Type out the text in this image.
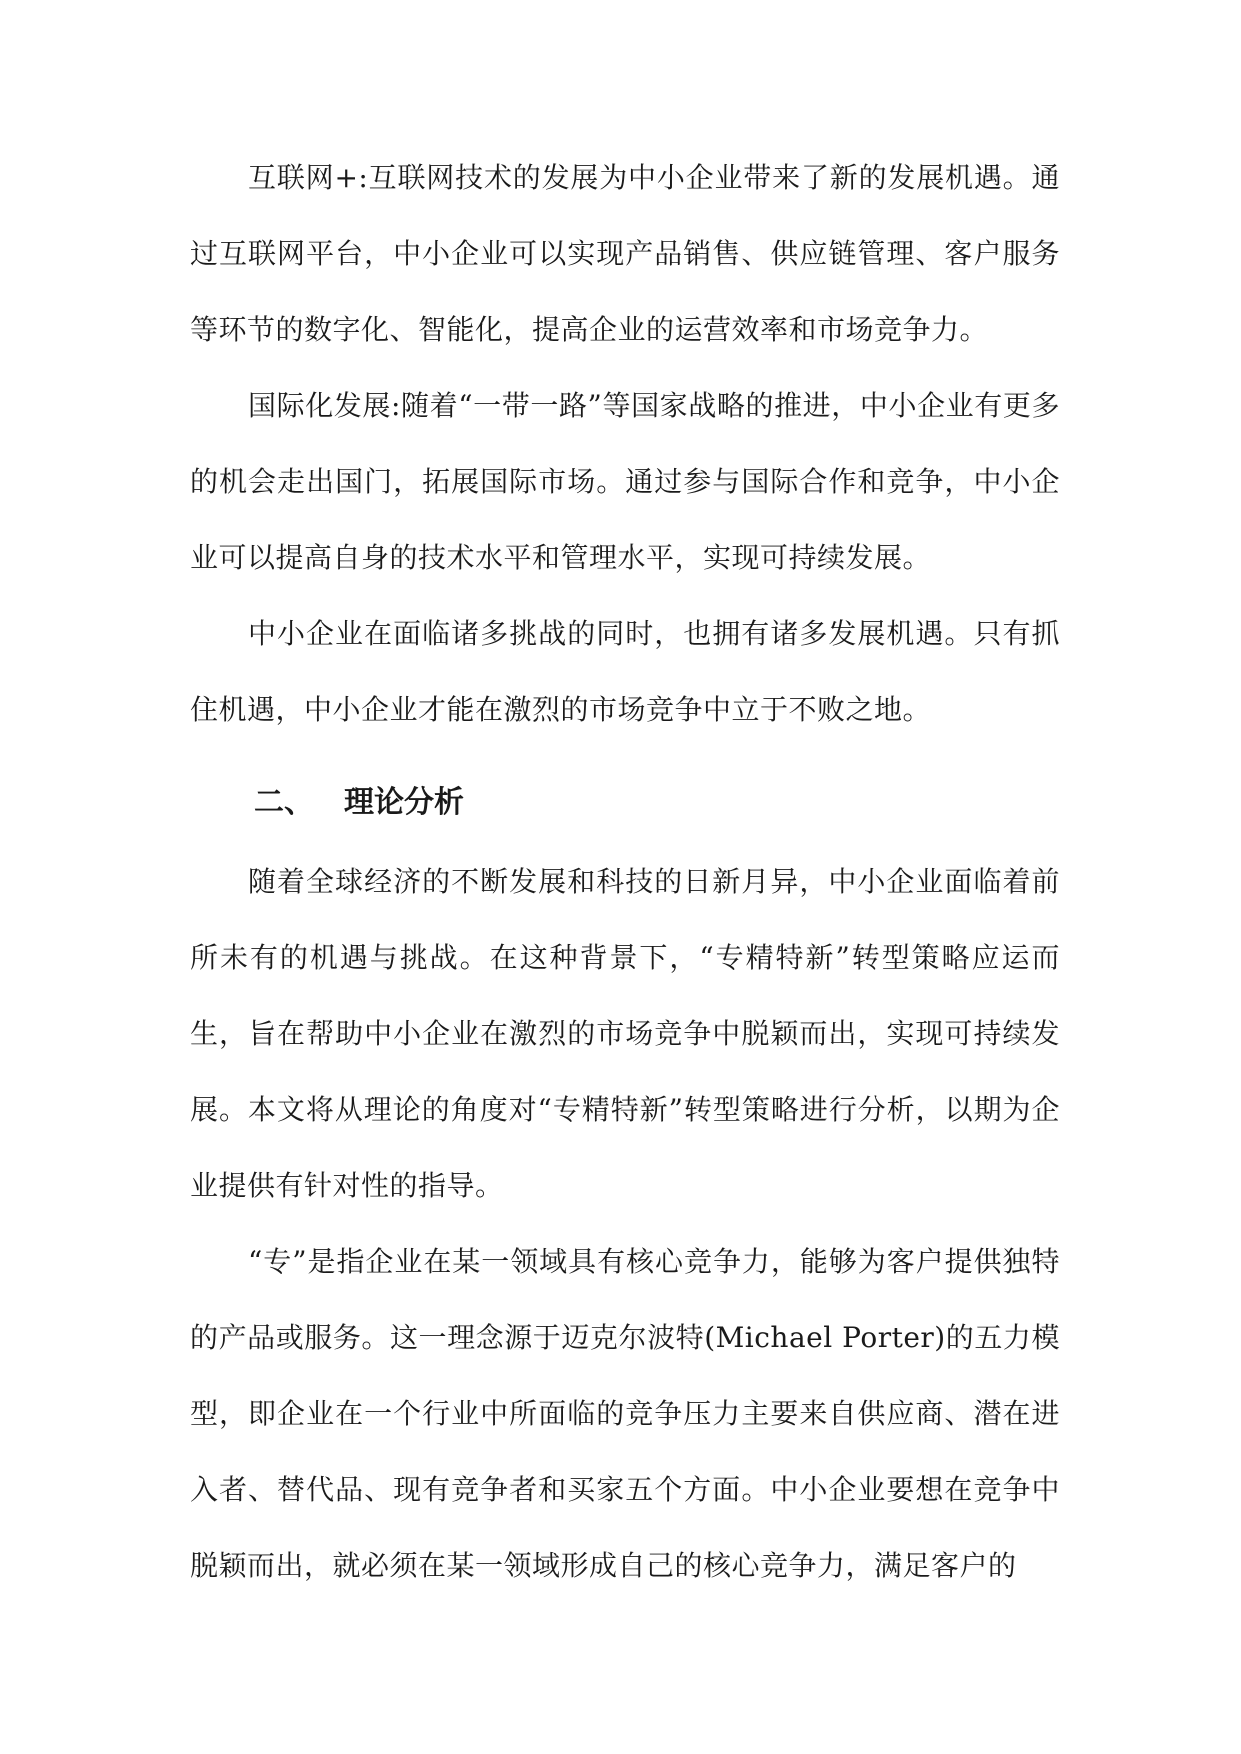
互联网+:互联网技术的发展为中小企业带来了新的发展机遇。通过互联网平台，中小企业可以实现产品销售、供应链管理、客户服务等环节的数字化、智能化，提高企业的运营效率和市场竞争力。

国际化发展:随着“一带一路”等国家战略的推进，中小企业有更多的机会走出国门，拓展国际市场。通过参与国际合作和竞争，中小企业可以提高自身的技术水平和管理水平，实现可持续发展。

中小企业在面临诸多挑战的同时，也拥有诸多发展机遇。只有抓住机遇，中小企业才能在激烈的市场竞争中立于不败之地。

二、 理论分析

随着全球经济的不断发展和科技的日新月异，中小企业面临着前所未有的机遇与挑战。在这种背景下，“专精特新”转型策略应运而生，旨在帮助中小企业在激烈的市场竞争中脱颖而出，实现可持续发展。本文将从理论的角度对“专精特新”转型策略进行分析，以期为企业提供有针对性的指导。

“专”是指企业在某一领域具有核心竞争力，能够为客户提供独特的产品或服务。这一理念源于迈克尔波特(Michael Porter)的五力模型，即企业在一个行业中所面临的竞争压力主要来自供应商、潜在进入者、替代品、现有竞争者和买家五个方面。中小企业要想在竞争中脱颖而出，就必须在某一领域形成自己的核心竞争力，满足客户的
